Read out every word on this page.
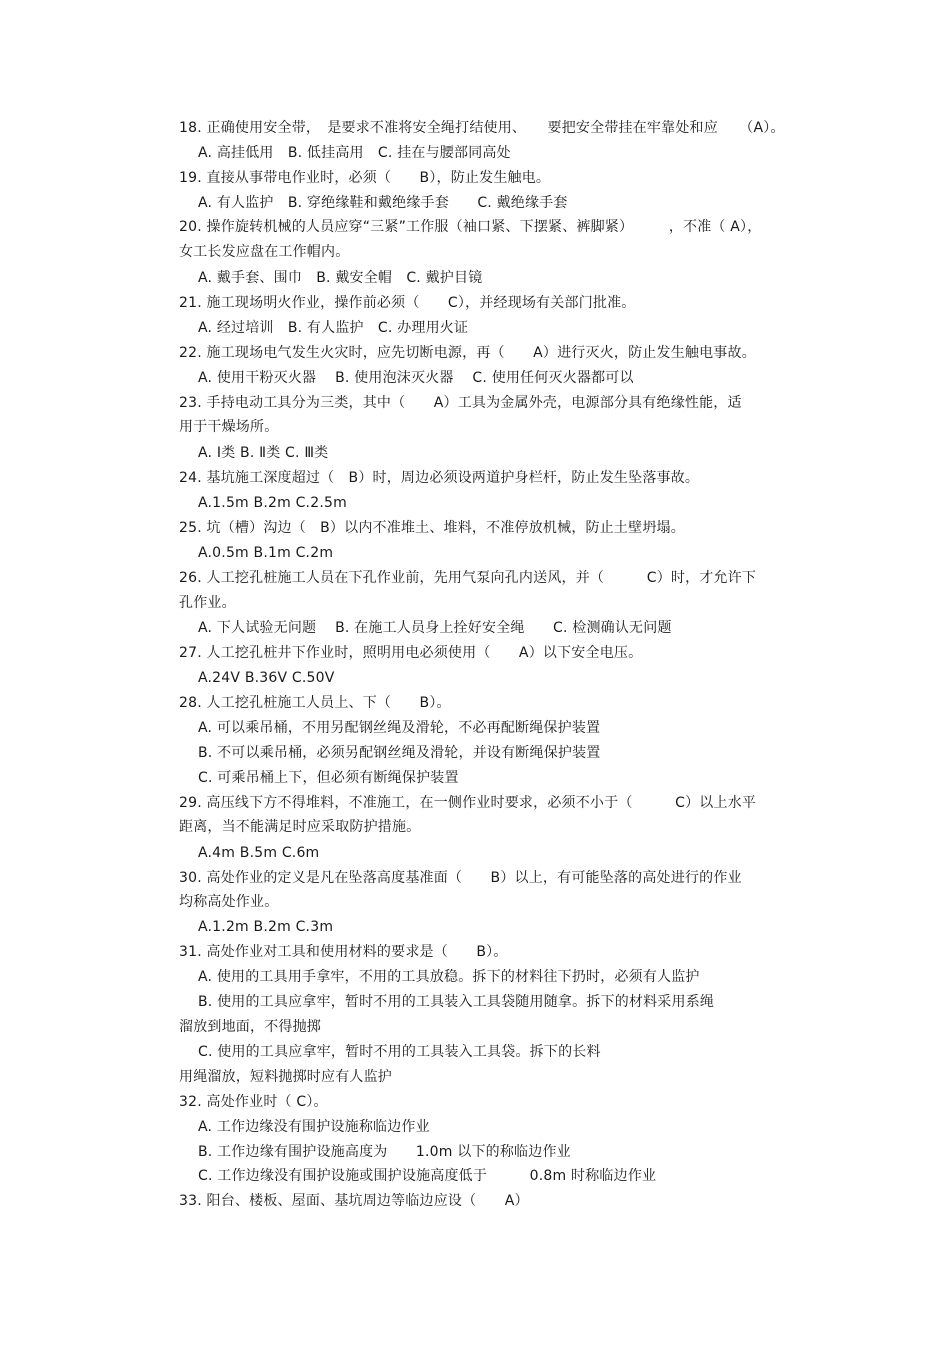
18. 正确使用安全带，　是要求不准将安全绳打结使用、　　要把安全带挂在牢靠处和应　　（A）。
A. 高挂低用　B. 低挂高用　C. 挂在与腰部同高处
19. 直接从事带电作业时，必须（　　B），防止发生触电。
A. 有人监护　B. 穿绝缘鞋和戴绝缘手套　　C. 戴绝缘手套
20. 操作旋转机械的人员应穿“三紧”工作服（袖口紧、下摆紧、裤脚紧）　　　，不准（ A），
女工长发应盘在工作帽内。
A. 戴手套、围巾　B. 戴安全帽　C. 戴护目镜
21. 施工现场明火作业，操作前必须（　　C），并经现场有关部门批准。
A. 经过培训　B. 有人监护　C. 办理用火证
22. 施工现场电气发生火灾时，应先切断电源，再（　　A）进行灭火，防止发生触电事故。
A. 使用干粉灭火器　 B. 使用泡沫灭火器　 C. 使用任何灭火器都可以
23. 手持电动工具分为三类，其中（　　A）工具为金属外壳，电源部分具有绝缘性能，适
用于干燥场所。
A. Ⅰ类 B. Ⅱ类 C. Ⅲ类
24. 基坑施工深度超过（　B）时，周边必须设两道护身栏杆，防止发生坠落事故。
A.1.5m B.2m C.2.5m
25. 坑（槽）沟边（　B）以内不准堆土、堆料，不准停放机械，防止土壁坍塌。
A.0.5m B.1m C.2m
26. 人工挖孔桩施工人员在下孔作业前，先用气泵向孔内送风，并（　　　C）时，才允许下
孔作业。
A. 下人试验无问题　 B. 在施工人员身上拴好安全绳　　C. 检测确认无问题
27. 人工挖孔桩井下作业时，照明用电必须使用（　　A）以下安全电压。
A.24V B.36V C.50V
28. 人工挖孔桩施工人员上、下（　　B）。
A. 可以乘吊桶，不用另配钢丝绳及滑轮，不必再配断绳保护装置
B. 不可以乘吊桶，必须另配钢丝绳及滑轮，并设有断绳保护装置
C. 可乘吊桶上下，但必须有断绳保护装置
29. 高压线下方不得堆料，不准施工，在一侧作业时要求，必须不小于（　　　C）以上水平
距离，当不能满足时应采取防护措施。
A.4m B.5m C.6m
30. 高处作业的定义是凡在坠落高度基准面（　　B）以上，有可能坠落的高处进行的作业
均称高处作业。
A.1.2m B.2m C.3m
31. 高处作业对工具和使用材料的要求是（　　B）。
A. 使用的工具用手拿牢，不用的工具放稳。拆下的材料往下扔时，必须有人监护
B. 使用的工具应拿牢，暂时不用的工具装入工具袋随用随拿。拆下的材料采用系绳
溜放到地面，不得抛掷
C. 使用的工具应拿牢，暂时不用的工具装入工具袋。拆下的长料
用绳溜放，短料抛掷时应有人监护
32. 高处作业时（ C）。
A. 工作边缘没有围护设施称临边作业
B. 工作边缘有围护设施高度为　　1.0m 以下的称临边作业
C. 工作边缘没有围护设施或围护设施高度低于　　　0.8m 时称临边作业
33. 阳台、楼板、屋面、基坑周边等临边应设（　　A）
